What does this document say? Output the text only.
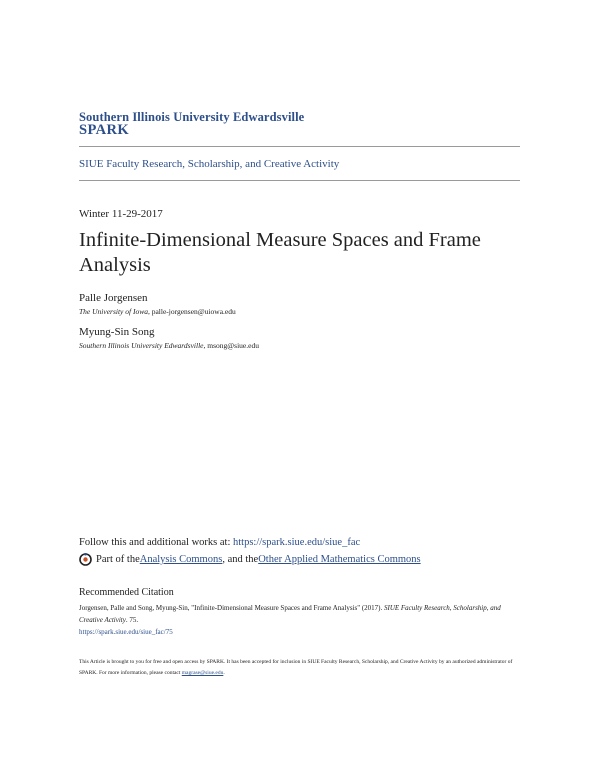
Southern Illinois University Edwardsville
SPARK
SIUE Faculty Research, Scholarship, and Creative Activity
Winter 11-29-2017
Infinite-Dimensional Measure Spaces and Frame Analysis
Palle Jorgensen
The University of Iowa, palle-jorgensen@uiowa.edu
Myung-Sin Song
Southern Illinois University Edwardsville, msong@siue.edu
Follow this and additional works at: https://spark.siue.edu/siue_fac
Part of the Analysis Commons , and the Other Applied Mathematics Commons
Recommended Citation
Jorgensen, Palle and Song, Myung-Sin, "Infinite-Dimensional Measure Spaces and Frame Analysis" (2017). SIUE Faculty Research, Scholarship, and Creative Activity. 75.
https://spark.siue.edu/siue_fac/75
This Article is brought to you for free and open access by SPARK. It has been accepted for inclusion in SIUE Faculty Research, Scholarship, and Creative Activity by an authorized administrator of SPARK. For more information, please contact magrase@siue.edu.
